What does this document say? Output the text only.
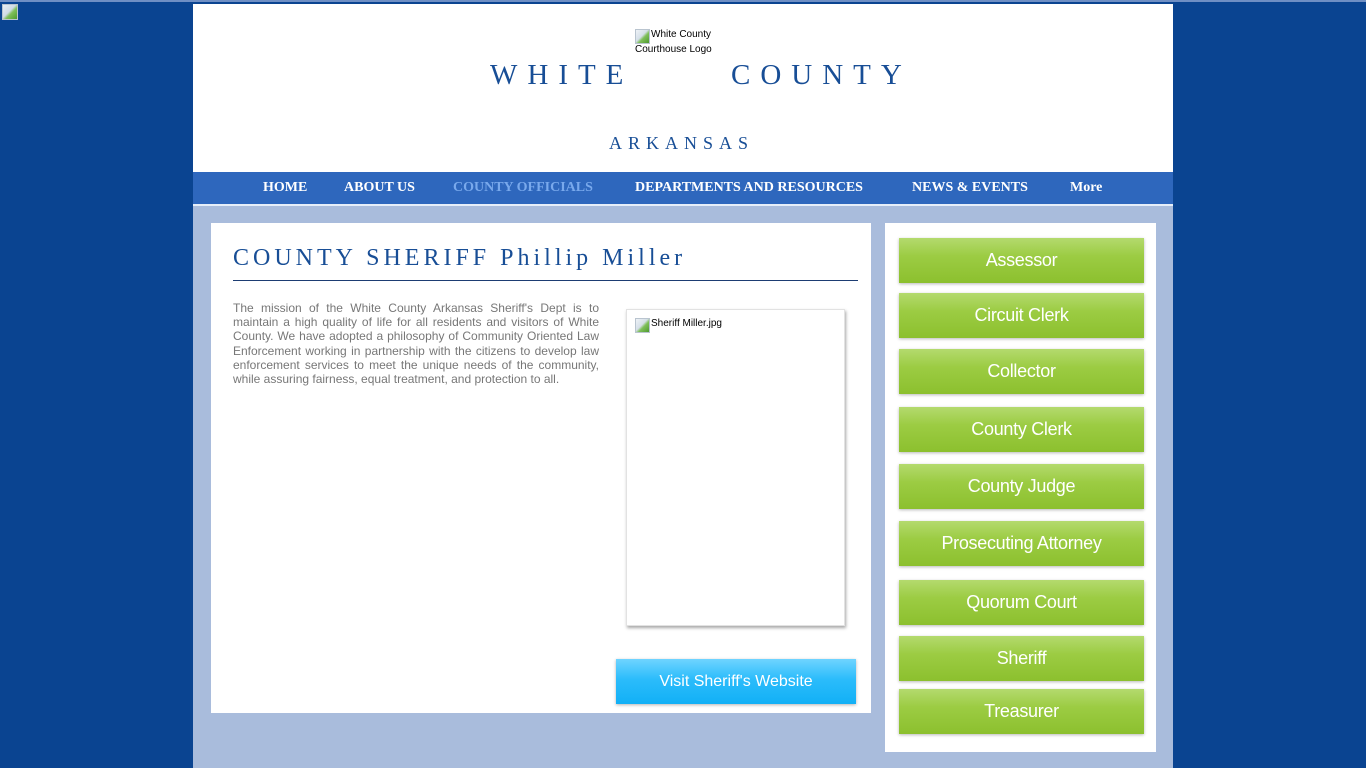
White County Courthouse Logo
WHITE	COUNTY
ARKANSAS
HOME	ABOUT US	COUNTY OFFICIALS	DEPARTMENTS AND RESOURCES	NEWS & EVENTS	More
COUNTY SHERIFF Phillip Miller

The mission of the White County Arkansas Sheriff's Dept is to maintain a high quality of life for all residents and visitors of White County. We have adopted a philosophy of Community Oriented Law Enforcement working in partnership with the citizens to develop law enforcement services to meet the unique needs of the community, while assuring fairness, equal treatment, and protection to all.

Sheriff Miller.jpg
Visit Sheriff's Website
Assessor
Circuit Clerk
Collector
County Clerk
County Judge
Prosecuting Attorney
Quorum Court
Sheriff
Treasurer
